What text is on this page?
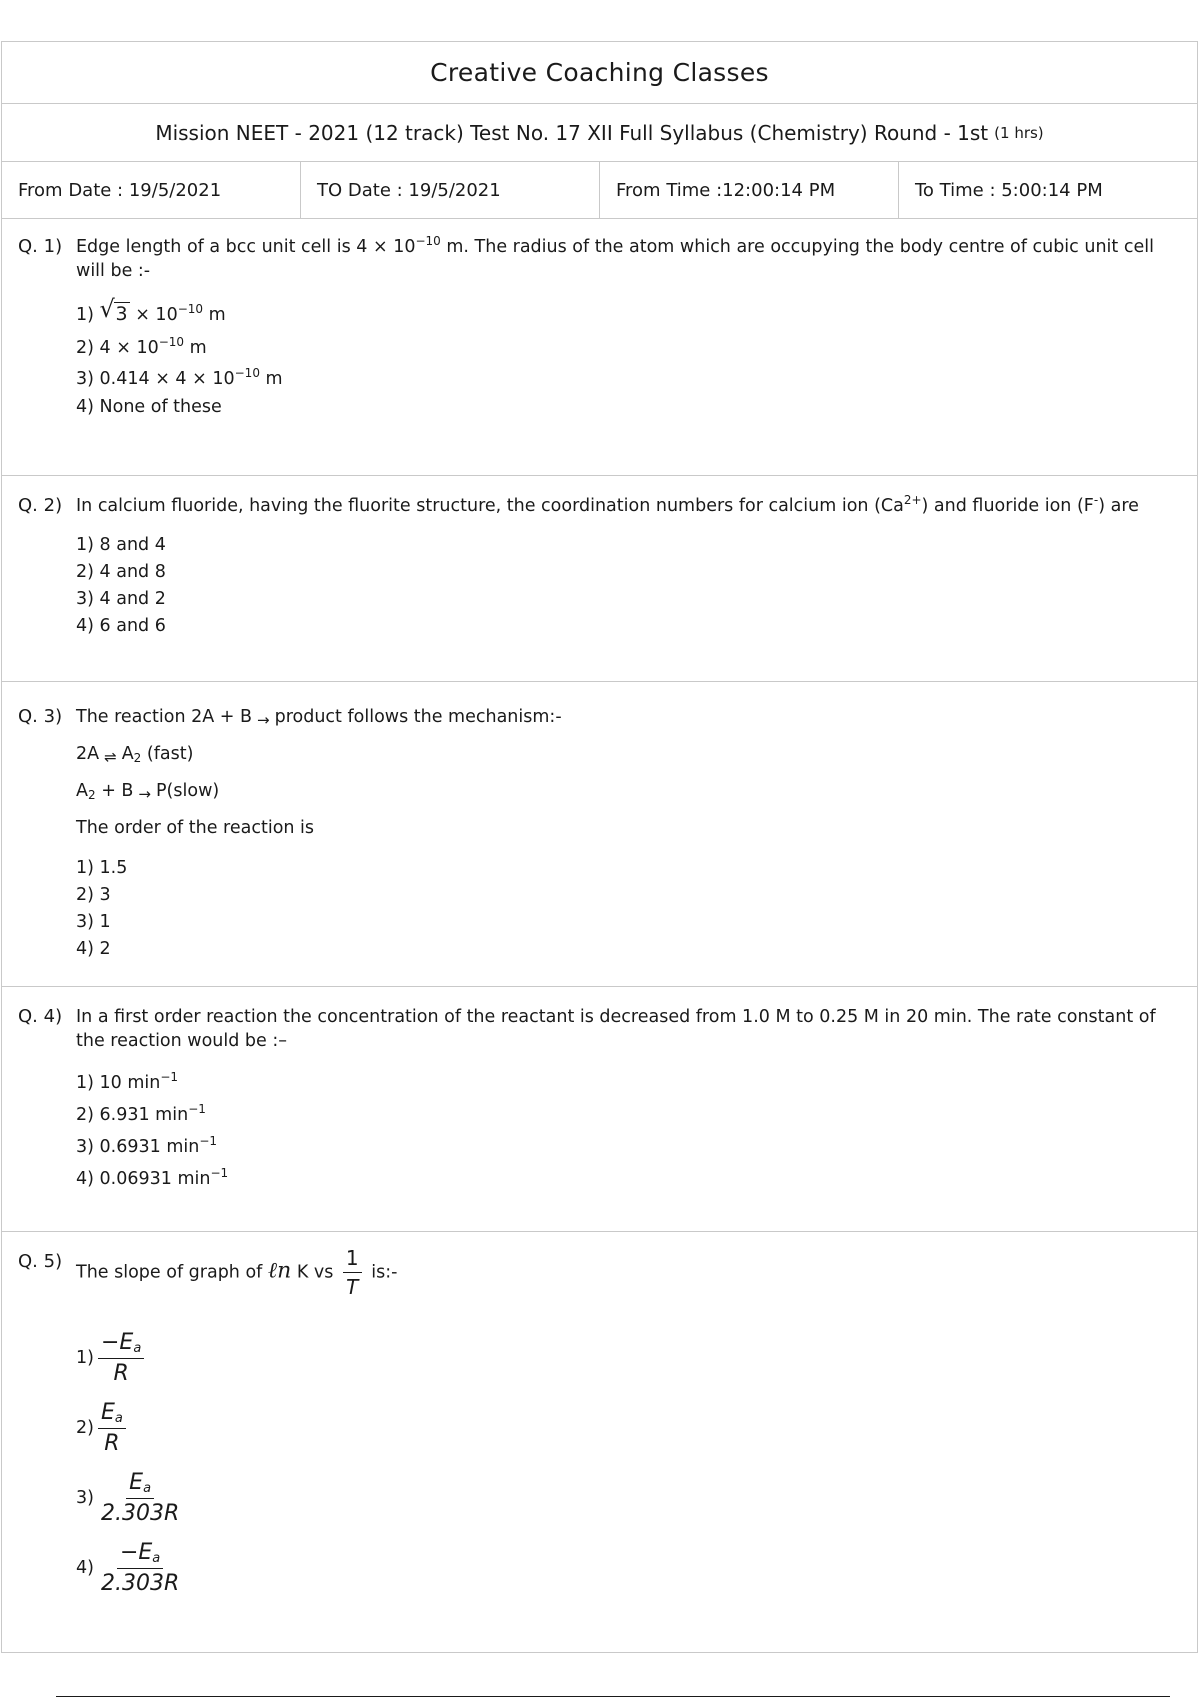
Creative Coaching Classes
Mission NEET - 2021 (12 track) Test No. 17 XII Full Syllabus (Chemistry) Round - 1st (1 hrs)
From Date : 19/5/2021	TO Date : 19/5/2021	From Time :12:00:14 PM	To Time : 5:00:14 PM
Q. 1) Edge length of a bcc unit cell is $4 \times 10^{-10}$ m. The radius of the atom which are occupying the body centre of cubic unit cell will be :-
1) √ $3 \times 10^{-10}$ m
2) $4 \times 10^{-10}$ m
3) $0.414 \times 4 \times 10^{-10}$ m
4) None of these
Q. 2) In calcium fluoride, having the fluorite structure, the coordination numbers for calcium ion $(Ca^{2+})$ and fluoride ion (F-) are
1) 8 and 4
2) 4 and 8
3) 4 and 2
4) 6 and 6
Q. 3) The reaction 2A + B → product follows the mechanism:-
2A ⇌ $A_2$ (fast)
$A_2 + B$ → P(slow)
The order of the reaction is
1) 1.5
2) 3
3) 1
4) 2
Q. 4) In a first order reaction the concentration of the reactant is decreased from 1.0 M to 0.25 M in 20 min. The rate constant of the reaction would be :–
1) 10 $\min^{-1}$
2) 6.931 $\min^{-1}$
3) 0.6931 $\min^{-1}$
4) 0.06931 $\min^{-1}$
Q. 5)
The slope of graph of ℓn K vs $\frac{1}{T}$ is:-
$1) \frac{-E_a}{R}$
$2) \frac{E_a}{R}$
$3) \frac{E_a}{2.303R}$
$4) \frac{-E_a}{2.303R}$
